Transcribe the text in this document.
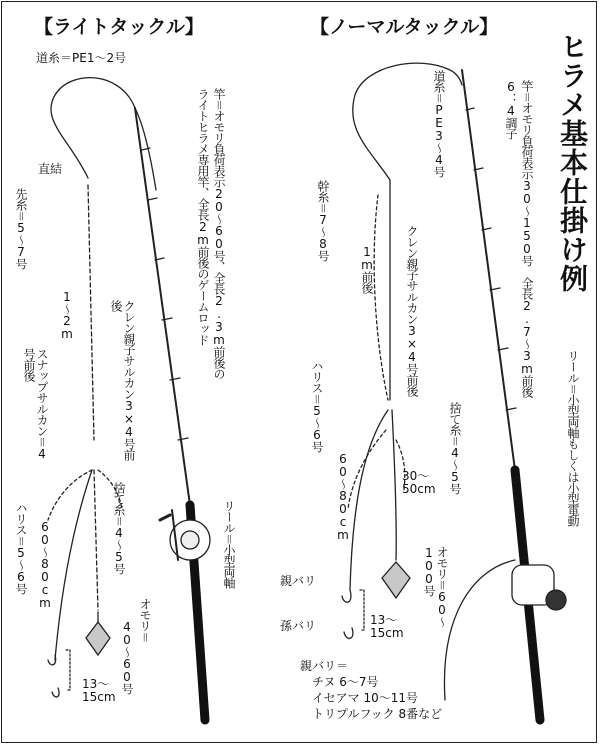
【ライトタックル】	【ノーマルタックル】
ヒラメ基本仕掛け例
道糸＝PE1～2号
直結
先糸＝5～7号
1～2m
スナップサルカン＝4号前後	クレン親子サルカン3×4号前後
捨て糸＝4～5号
ハリス＝5～6号 60～80cm
オモリ＝
40～60号
13～15cm
竿＝オモリ負荷表示20～60号、全長2.3m前後の
ライトヒラメ専用竿、全長2m前後のゲームロッド
リール＝小型両軸
道糸＝PE3～4号	竿＝オモリ負荷表示30～150号　全長2.7～3m前後
6：4調子
幹糸＝7～8号
1m前後	クレン親子サルカン3×4号前後
ハリス＝5～6号
60～80cm
捨て糸＝4～5号
30～50cm
オモリ＝60～100号
親バリ
孫バリ	13～15cm
リール＝小型両軸もしくは小型電動
親バリ＝
チヌ 6～7号
イセアマ 10～11号
トリプルフック 8番など
